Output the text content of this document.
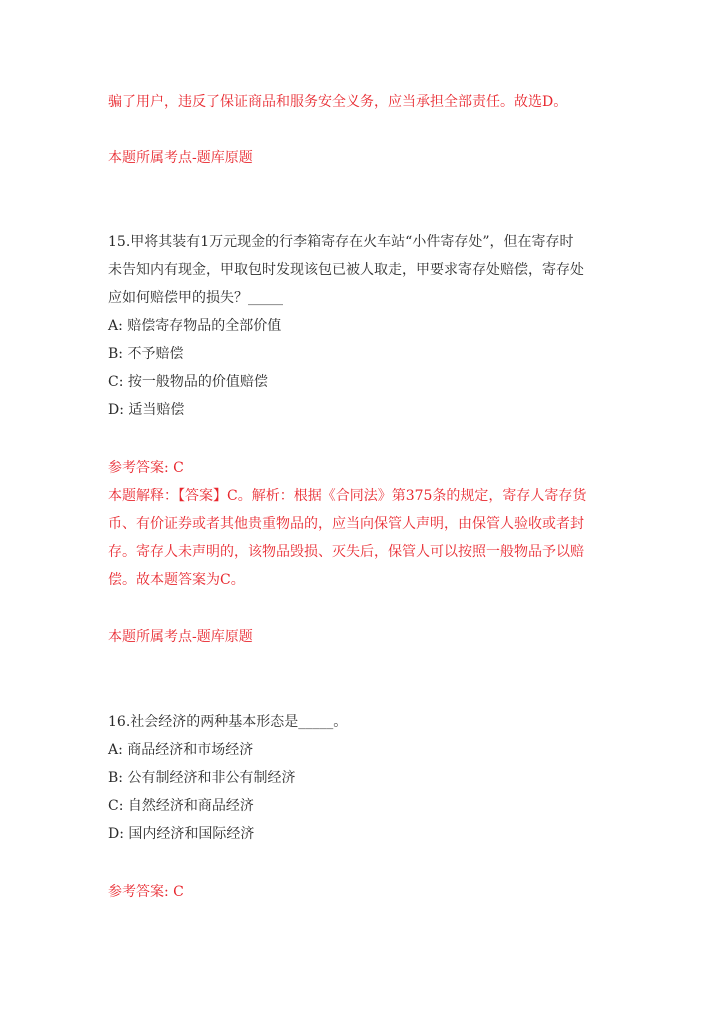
骗了用户，违反了保证商品和服务安全义务，应当承担全部责任。故选D。
本题所属考点-题库原题
15.甲将其装有1万元现金的行李箱寄存在火车站“小件寄存处”，但在寄存时
未告知内有现金，甲取包时发现该包已被人取走，甲要求寄存处赔偿，寄存处
应如何赔偿甲的损失？_____
A: 赔偿寄存物品的全部价值
B: 不予赔偿
C: 按一般物品的价值赔偿
D: 适当赔偿
参考答案: C
本题解释：【答案】C。解析：根据《合同法》第375条的规定，寄存人寄存货
币、有价证券或者其他贵重物品的，应当向保管人声明，由保管人验收或者封
存。寄存人未声明的，该物品毁损、灭失后，保管人可以按照一般物品予以赔
偿。故本题答案为C。
本题所属考点-题库原题
16.社会经济的两种基本形态是_____。
A: 商品经济和市场经济
B: 公有制经济和非公有制经济
C: 自然经济和商品经济
D: 国内经济和国际经济
参考答案: C
